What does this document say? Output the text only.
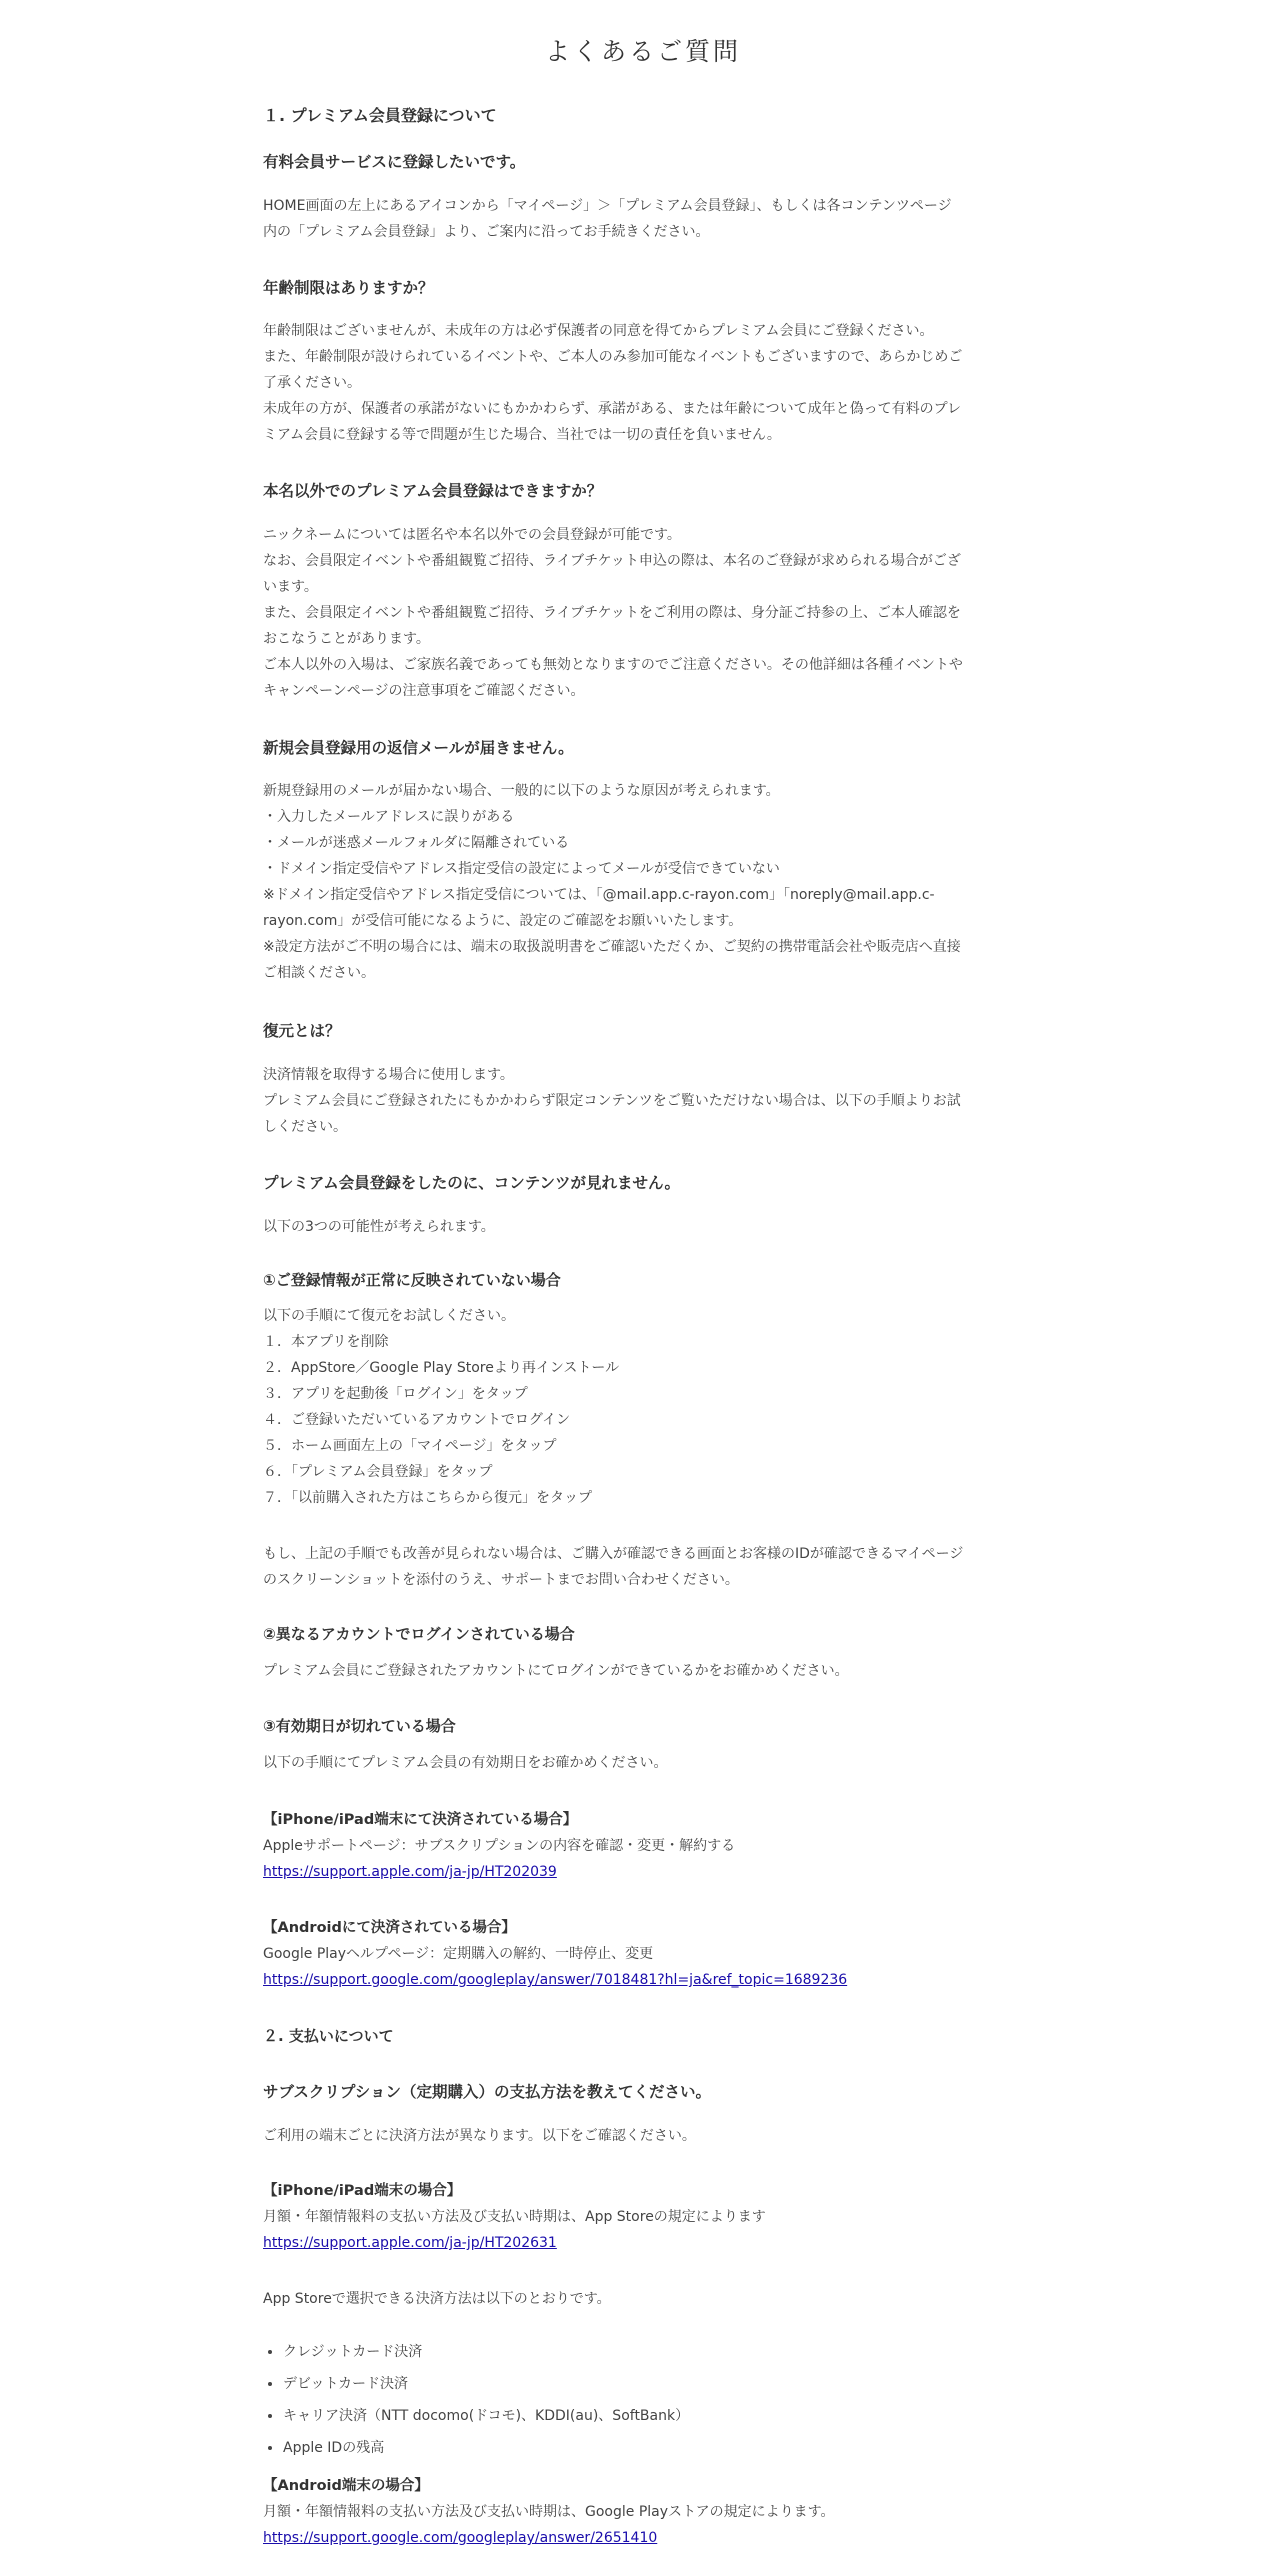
よくあるご質問
１. プレミアム会員登録について
有料会員サービスに登録したいです。

HOME画面の左上にあるアイコンから「マイページ」＞「プレミアム会員登録」、もしくは各コンテンツページ

内の「プレミアム会員登録」より、ご案内に沿ってお手続きください。

年齢制限はありますか？

年齢制限はございませんが、未成年の方は必ず保護者の同意を得てからプレミアム会員にご登録ください。

また、年齢制限が設けられているイベントや、ご本人のみ参加可能なイベントもございますので、あらかじめご

了承ください。

未成年の方が、保護者の承諾がないにもかかわらず、承諾がある、または年齢について成年と偽って有料のプレ

ミアム会員に登録する等で問題が生じた場合、当社では一切の責任を負いません。

本名以外でのプレミアム会員登録はできますか？

ニックネームについては匿名や本名以外での会員登録が可能です。

なお、会員限定イベントや番組観覧ご招待、ライブチケット申込の際は、本名のご登録が求められる場合がござ

います。

また、会員限定イベントや番組観覧ご招待、ライブチケットをご利用の際は、身分証ご持参の上、ご本人確認を

おこなうことがあります。

ご本人以外の入場は、ご家族名義であっても無効となりますのでご注意ください。その他詳細は各種イベントや

キャンペーンページの注意事項をご確認ください。

新規会員登録用の返信メールが届きません。

新規登録用のメールが届かない場合、一般的に以下のような原因が考えられます。

・入力したメールアドレスに誤りがある

・メールが迷惑メールフォルダに隔離されている

・ドメイン指定受信やアドレス指定受信の設定によってメールが受信できていない

※ドメイン指定受信やアドレス指定受信については、「@mail.app.c-rayon.com」「noreply@mail.app.c-

rayon.com」が受信可能になるように、設定のご確認をお願いいたします。

※設定方法がご不明の場合には、端末の取扱説明書をご確認いただくか、ご契約の携帯電話会社や販売店へ直接

ご相談ください。

復元とは？

決済情報を取得する場合に使用します。

プレミアム会員にご登録されたにもかかわらず限定コンテンツをご覧いただけない場合は、以下の手順よりお試

しください。

プレミアム会員登録をしたのに、コンテンツが見れません。

以下の3つの可能性が考えられます。

①ご登録情報が正常に反映されていない場合

以下の手順にて復元をお試しください。

１．本アプリを削除

２．AppStore／Google Play Storeより再インストール

３．アプリを起動後「ログイン」をタップ

４．ご登録いただいているアカウントでログイン

５．ホーム画面左上の「マイページ」をタップ

６．「プレミアム会員登録」をタップ

７．「以前購入された方はこちらから復元」をタップ

もし、上記の手順でも改善が見られない場合は、ご購入が確認できる画面とお客様のIDが確認できるマイページ

のスクリーンショットを添付のうえ、サポートまでお問い合わせください。

②異なるアカウントでログインされている場合

プレミアム会員にご登録されたアカウントにてログインができているかをお確かめください。

③有効期日が切れている場合

以下の手順にてプレミアム会員の有効期日をお確かめください。

【iPhone/iPad端末にて決済されている場合】

Appleサポートページ：サブスクリプションの内容を確認・変更・解約する

https://support.apple.com/ja-jp/HT202039

【Androidにて決済されている場合】

Google Playヘルプページ：定期購入の解約、一時停止、変更

https://support.google.com/googleplay/answer/7018481?hl=ja&ref_topic=1689236
２. 支払いについて
サブスクリプション（定期購入）の支払方法を教えてください。

ご利用の端末ごとに決済方法が異なります。以下をご確認ください。

【iPhone/iPad端末の場合】

月額・年額情報料の支払い方法及び支払い時期は、App Storeの規定によります

https://support.apple.com/ja-jp/HT202631

App Storeで選択できる決済方法は以下のとおりです。

• クレジットカード決済
• デビットカード決済
• キャリア決済（NTT docomo(ドコモ)、KDDI(au)、SoftBank）
• Apple IDの残高

【Android端末の場合】

月額・年額情報料の支払い方法及び支払い時期は、Google Playストアの規定によります。

https://support.google.com/googleplay/answer/2651410
